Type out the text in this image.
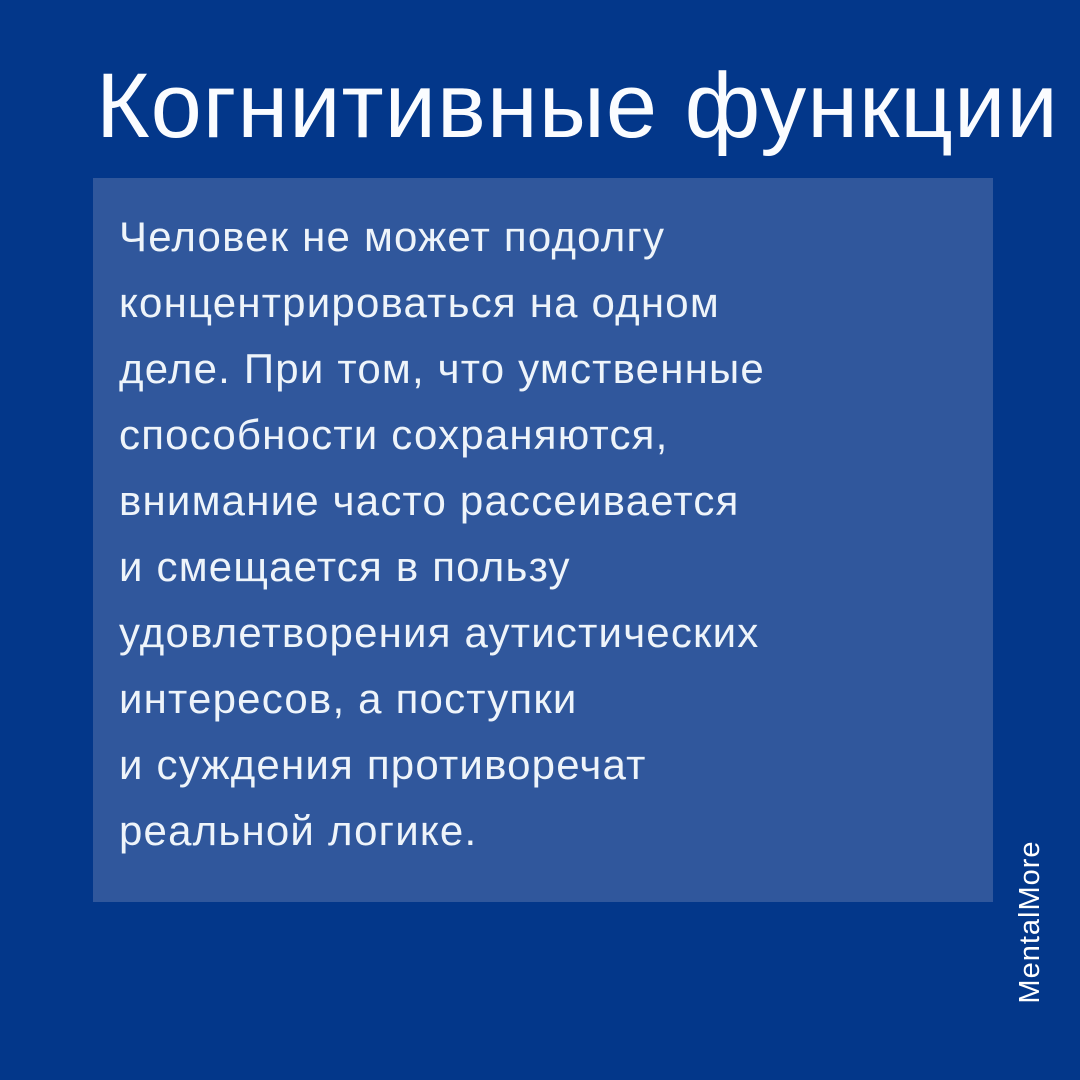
Когнитивные функции

Человек не может подолгу

концентрироваться на одном

деле. При том, что умственные

способности сохраняются,

внимание часто рассеивается

и смещается в пользу

удовлетворения аутистических

интересов, а поступки

и суждения противоречат

реальной логике.

MentalMore
